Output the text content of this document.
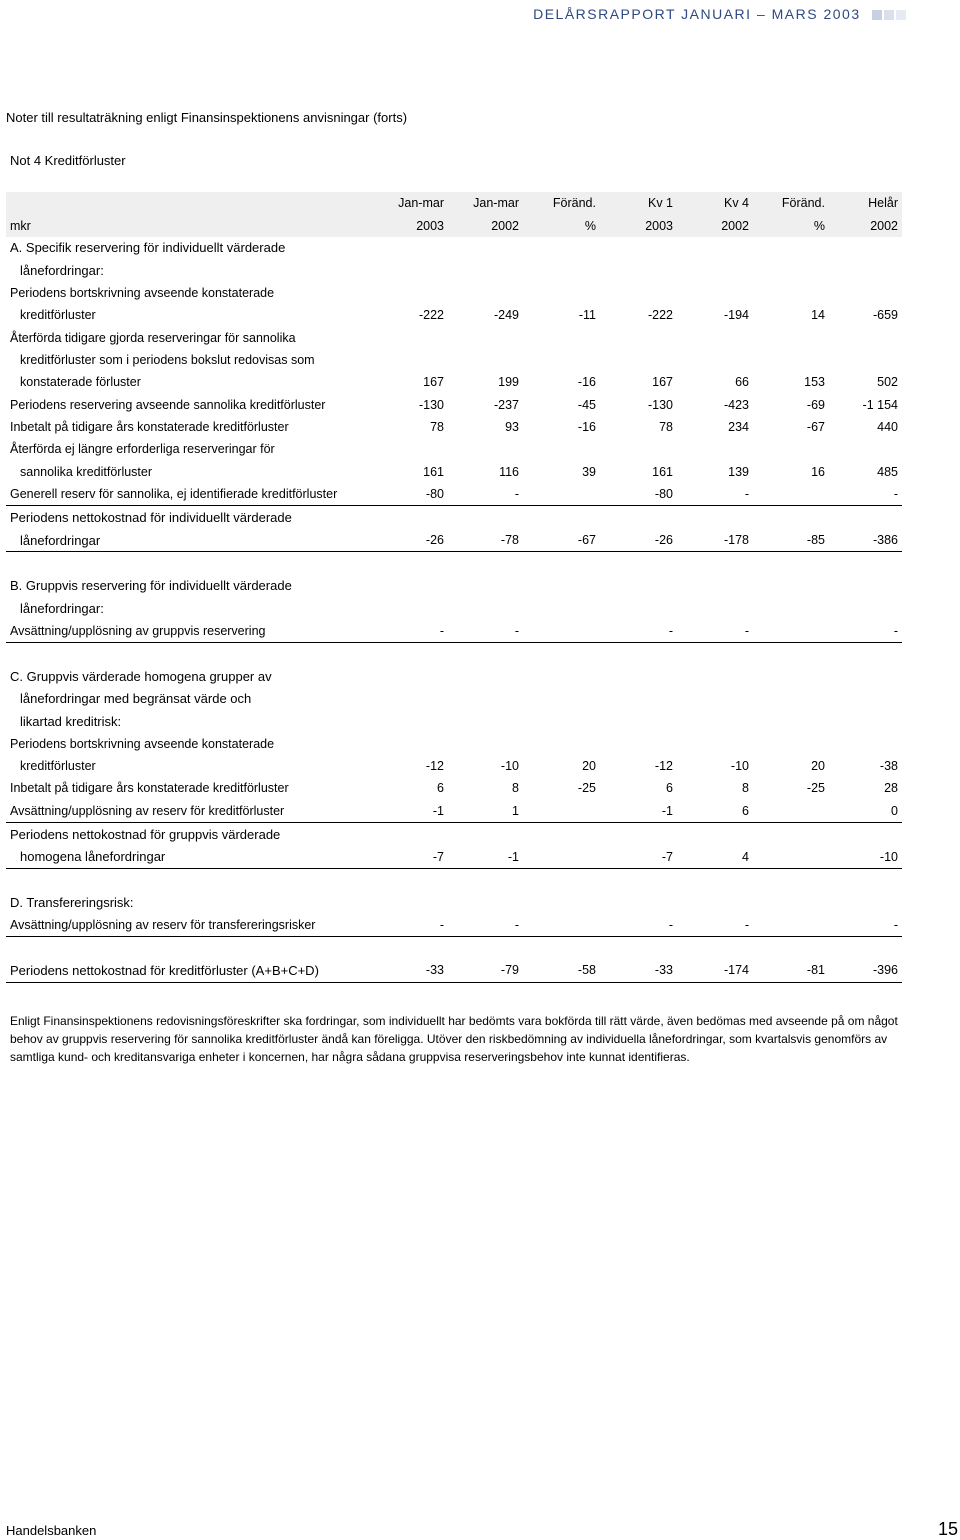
DELÅRSRAPPORT JANUARI – MARS 2003
Noter till resultaträkning enligt Finansinspektionens anvisningar (forts)
Not 4 Kreditförluster
	Jan-mar	Jan-mar	Föränd.	Kv 1	Kv 4	Föränd.	Helår
mkr	2003	2002	%	2003	2002	%	2002
A. Specifik reservering för individuellt värderade							
lånefordringar:							
Periodens bortskrivning avseende konstaterade							
kreditförluster	-222	-249	-11	-222	-194	14	-659
Återförda tidigare gjorda reserveringar för sannolika							
kreditförluster som i periodens bokslut redovisas som							
konstaterade förluster	167	199	-16	167	66	153	502
Periodens reservering avseende sannolika kreditförluster	-130	-237	-45	-130	-423	-69	-1 154
Inbetalt på tidigare års konstaterade kreditförluster	78	93	-16	78	234	-67	440
Återförda ej längre erforderliga reserveringar för							
sannolika kreditförluster	161	116	39	161	139	16	485
Generell reserv för sannolika, ej identifierade kreditförluster	-80	-		-80	-		-
Periodens nettokostnad för individuellt värderade							
lånefordringar	-26	-78	-67	-26	-178	-85	-386

B. Gruppvis reservering för individuellt värderade							
lånefordringar:							
Avsättning/upplösning av gruppvis reservering	-	-		-	-		-

C. Gruppvis värderade homogena grupper av							
lånefordringar med begränsat värde och							
likartad kreditrisk:							
Periodens bortskrivning avseende konstaterade							
kreditförluster	-12	-10	20	-12	-10	20	-38
Inbetalt på tidigare års konstaterade kreditförluster	6	8	-25	6	8	-25	28
Avsättning/upplösning av reserv för kreditförluster	-1	1		-1	6		0
Periodens nettokostnad för gruppvis värderade							
homogena lånefordringar	-7	-1		-7	4		-10

D. Transfereringsrisk:							
Avsättning/upplösning av reserv för transfereringsrisker	-	-		-	-		-

Periodens nettokostnad för kreditförluster (A+B+C+D)	-33	-79	-58	-33	-174	-81	-396
Enligt Finansinspektionens redovisningsföreskrifter ska fordringar, som individuellt har bedömts vara bokförda till rätt värde, även bedömas med avseende på om något behov av gruppvis reservering för sannolika kreditförluster ändå kan föreligga. Utöver den riskbedömning av individuella lånefordringar, som kvartalsvis genomförs av samtliga kund- och kreditansvariga enheter i koncernen, har några sådana gruppvisa reserveringsbehov inte kunnat identifieras.
Handelsbanken	15
